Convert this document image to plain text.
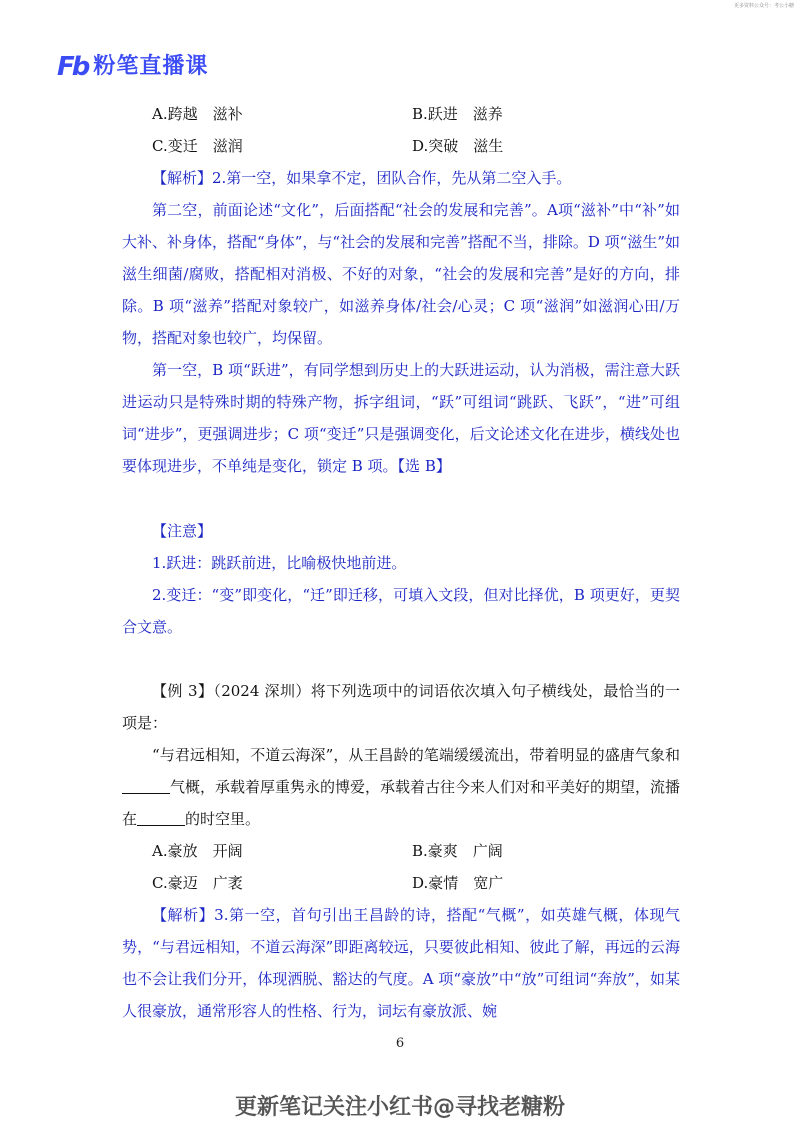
更多资料公众号：考公小糖
Fb 粉笔直播课
A.跨越　滋补	B.跃进　滋养
C.变迁　滋润	D.突破　滋生

【解析】2.第一空，如果拿不定，团队合作，先从第二空入手。

第二空，前面论述“文化”，后面搭配“社会的发展和完善”。A项“滋补”中“补”如大补、补身体，搭配“身体”，与“社会的发展和完善”搭配不当，排除。D 项“滋生”如滋生细菌/腐败，搭配相对消极、不好的对象，“社会的发展和完善”是好的方向，排除。B 项“滋养”搭配对象较广，如滋养身体/社会/心灵；C 项“滋润”如滋润心田/万物，搭配对象也较广，均保留。

第一空，B 项“跃进”，有同学想到历史上的大跃进运动，认为消极，需注意大跃进运动只是特殊时期的特殊产物，拆字组词，“跃”可组词“跳跃、飞跃”，“进”可组词“进步”，更强调进步；C 项“变迁”只是强调变化，后文论述文化在进步，横线处也要体现进步，不单纯是变化，锁定 B 项。【选 B】

【注意】

1.跃进：跳跃前进，比喻极快地前进。

2.变迁：“变”即变化，“迁”即迁移，可填入文段，但对比择优，B 项更好，更契合文意。

【例 3】（2024 深圳）将下列选项中的词语依次填入句子横线处，最恰当的一项是：

“与君远相知，不道云海深”，从王昌龄的笔端缓缓流出，带着明显的盛唐气象和气概，承载着厚重隽永的博爱，承载着古往今来人们对和平美好的期望，流播在	的时空里。

A.豪放　开阔	B.豪爽　广阔
C.豪迈　广袤	D.豪情　宽广

【解析】3.第一空，首句引出王昌龄的诗，搭配“气概”，如英雄气概，体现气势，“与君远相知，不道云海深”即距离较远，只要彼此相知、彼此了解，再远的云海也不会让我们分开，体现洒脱、豁达的气度。A 项“豪放”中“放”可组词“奔放”，如某人很豪放，通常形容人的性格、行为，词坛有豪放派、婉

6
更新笔记关注小红书@寻找老糖粉
